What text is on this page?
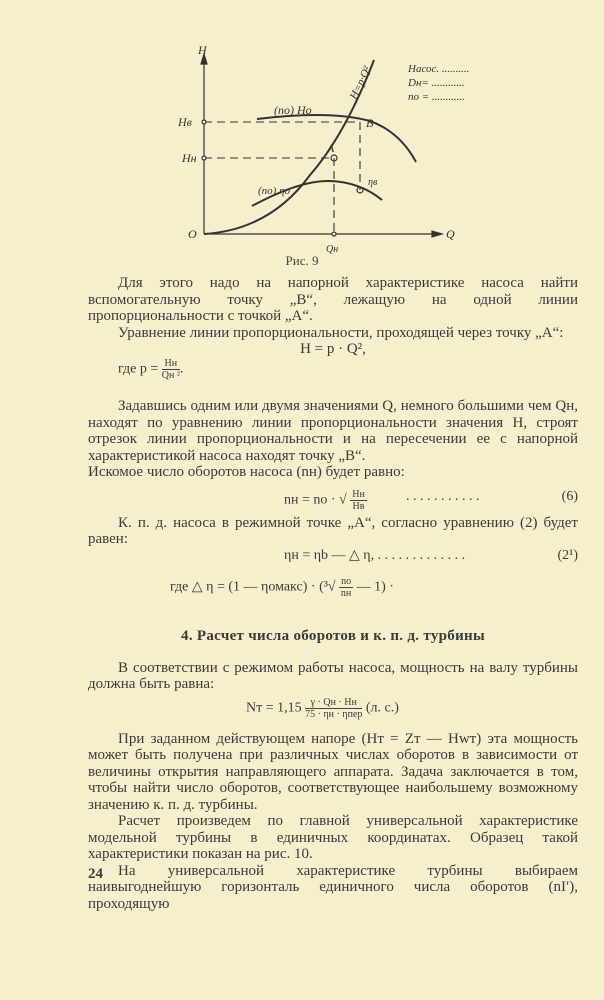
H
Q
O
Hв
Hн
Qн
(nо) Hо
(nо) ηо
H=p·Q²
A
B
ηв
Насос. ..........
Dн= ............
nо = ............
Рис. 9

Для этого надо на напорной характеристике насоса найти вспомогательную точку „B“, лежащую на одной линии пропорциональности с точкой „A“.

Уравнение линии пропорциональности, проходящей через точку „A“:

H = p · Q²,

где $p = \frac{Hн}{\text{Qн ²}}$ .

Задавшись одним или двумя значениями Q, немного большими чем Qн, находят по уравнению линии пропорциональности значения H, строят отрезок линии пропорциональности и на пересечении ее с напорной характеристикой насоса находят точку „B“.

Искомое число оборотов насоса (nн) будет равно:

nн = nо · √ $\frac{Hн}{Hв}$	. . . . . . . . . . .	(6)

К. п. д. насоса в режимной точке „A“, согласно уравнению (2) будет равен:

ηн = ηb — △ η, . . . . . . . . . . . . .	(2¹)
где △ η = (1 — ηомакс) · ($^3√ \frac{nо}{nн}$ — 1) ·

4. Расчет числа оборотов и к. п. д. турбины

В соответствии с режимом работы насоса, мощность на валу турбины должна быть равна:

Nт = $1,15 \frac{\gamma \cdot Qн \cdot Hн}{\text{75 · ηн · ηпер}} (л$. с.)

При заданном действующем напоре (Hт = Zт — Hwт) эта мощность может быть получена при различных числах оборотов в зависимости от величины открытия направляющего аппарата. Задача заключается в том, чтобы найти число оборотов, соответствующее наибольшему возможному значению к. п. д. турбины.

Расчет произведем по главной универсальной характеристике модельной турбины в единичных координатах. Образец такой характеристики показан на рис. 10.

На универсальной характеристике турбины выбираем наивыгоднейшую горизонталь единичного числа оборотов (nI′), проходящую

24
